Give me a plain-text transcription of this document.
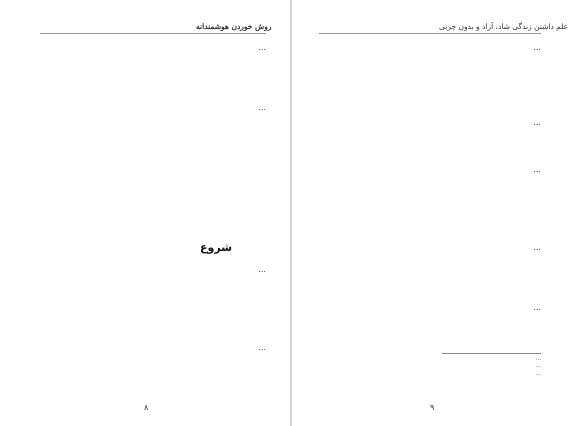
روش خوردن هوشمندانه

…

…

شروع

…

…

۸
علم داشتن زندگی شاد، آزاد و بدون چربی

…

…

…

…

…

…
…
…
۹
